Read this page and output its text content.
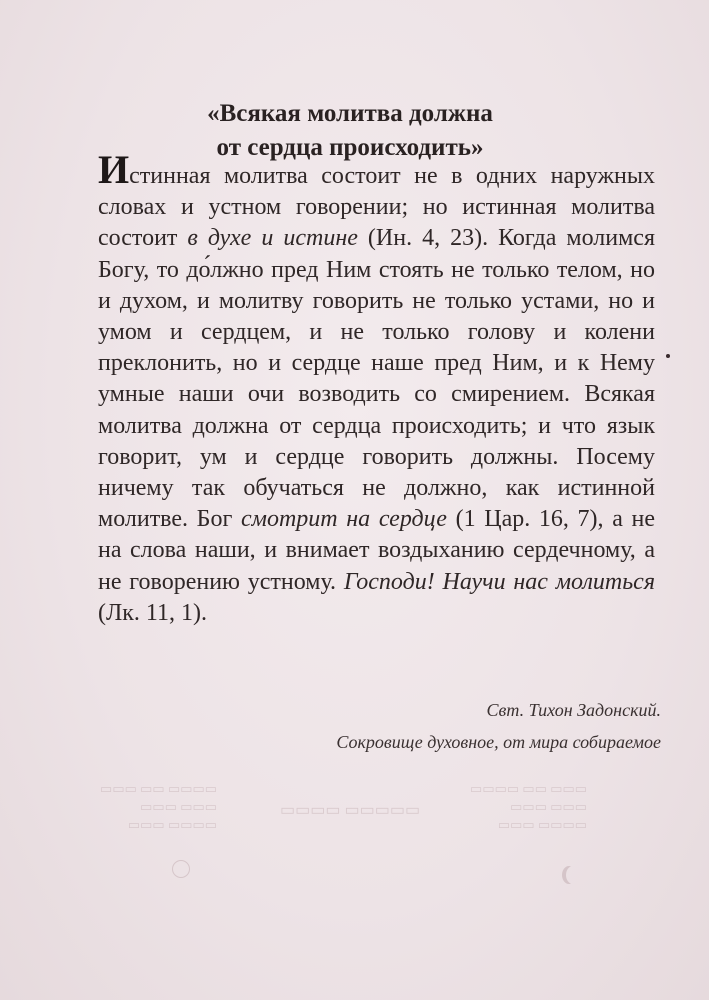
▭▭▭▭ ▭▭ ▭▭▭
▭▭▭ ▭▭▭
▭▭▭▭ ▭▭▭
▭▭▭▭▭ ▭▭▭▭
▭▭▭ ▭▭ ▭▭▭▭
▭▭▭ ▭▭▭
▭▭▭▭ ▭▭▭
«Всякая молитва должна
от сердца происходить»
Истинная молитва состоит не в одних наружных словах и устном говорении; но истинная молитва состоит в духе и истине (Ин. 4, 23). Когда молимся Богу, то до́лжно пред Ним стоять не только телом, но и духом, и молитву говорить не только устами, но и умом и сердцем, и не только голову и колени преклонить, но и сердце наше пред Ним, и к Нему умные наши очи возводить со смирением. Всякая молитва должна от сердца происходить; и что язык говорит, ум и сердце говорить должны. Посему ничему так обучаться не должно, как истинной молитве. Бог смотрит на сердце (1 Цар. 16, 7), а не на слова наши, и внимает воздыханию сердечному, а не говорению устному. Господи! Научи нас молиться (Лк. 11, 1).
Свт. Тихон Задонский.
Сокровище духовное, от мира собираемое
